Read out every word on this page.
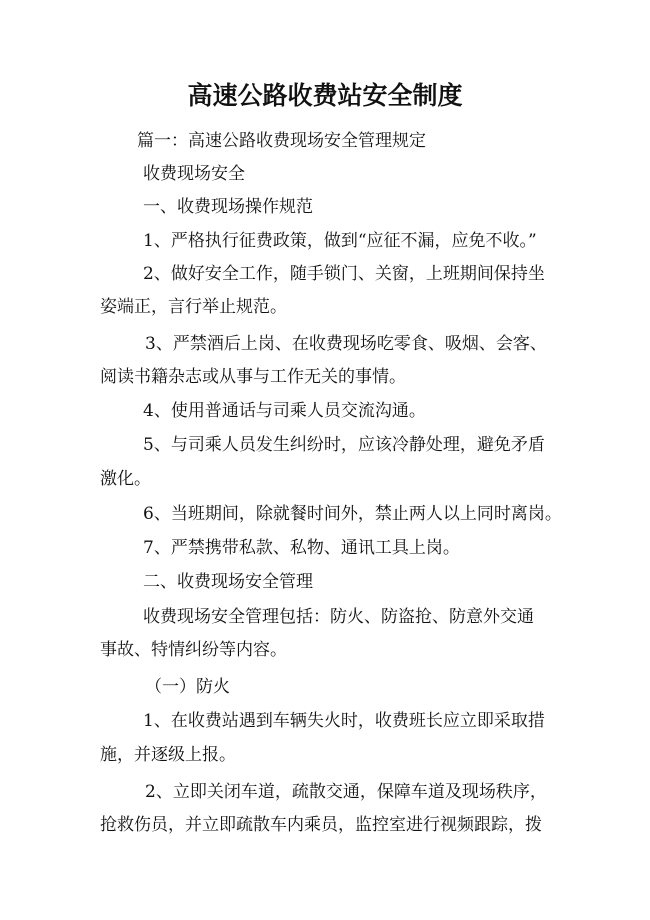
高速公路收费站安全制度
篇一：高速公路收费现场安全管理规定
收费现场安全
一、收费现场操作规范
1、严格执行征费政策，做到“应征不漏，应免不收。”
2、做好安全工作，随手锁门、关窗，上班期间保持坐
姿端正，言行举止规范。
3、严禁酒后上岗、在收费现场吃零食、吸烟、会客、
阅读书籍杂志或从事与工作无关的事情。
4、使用普通话与司乘人员交流沟通。
5、与司乘人员发生纠纷时，应该冷静处理，避免矛盾
激化。
6、当班期间，除就餐时间外，禁止两人以上同时离岗。
7、严禁携带私款、私物、通讯工具上岗。
二、收费现场安全管理
收费现场安全管理包括：防火、防盗抢、防意外交通
事故、特情纠纷等内容。
（一）防火
1、在收费站遇到车辆失火时，收费班长应立即采取措
施，并逐级上报。
2、立即关闭车道，疏散交通，保障车道及现场秩序，
抢救伤员，并立即疏散车内乘员，监控室进行视频跟踪，拨
